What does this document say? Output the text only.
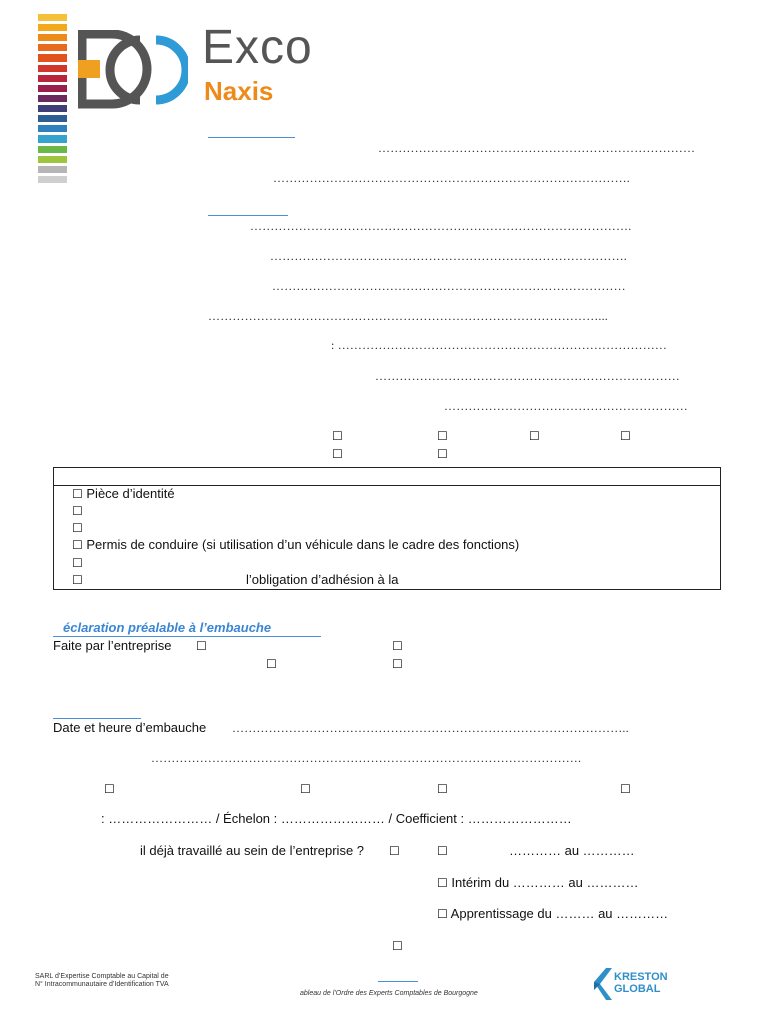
Exco
Naxis
……………………………………………………………………
…………………………………………………………………………….
………………………………………………………………………………….
…………………………………………………………………………….
……………………………………………………………………………
……………………………………………………………………………………...
: ………………………………………………………………………
…………………………………………………………………
……………………………………………………
☐	☐	☐	☐
☐	☐
☐ Pièce d’identité
☐
☐
☐ Permis de conduire (si utilisation d’un véhicule dans le cadre des fonctions)
☐
☐	l’obligation d’adhésion à la
éclaration préalable à l’embauche
Faite par l’entreprise ☐	☐
☐	☐
Date et heure d’embauche ……………………………………………………………………………………..
…………………………………………………………………………………………….
☐	☐	☐	☐
: …………………… / Échelon : …………………… / Coefficient : ……………………
il déjà travaillé au sein de l’entreprise ? ☐	☐	………… au …………
☐ Intérim du ………… au …………
☐ Apprentissage du ……… au …………
☐
SARL d’Expertise Comptable au Capital de
N° Intracommunautaire d’Identification TVA
ableau de l’Ordre des Experts Comptables de Bourgogne
KRESTON
GLOBAL
